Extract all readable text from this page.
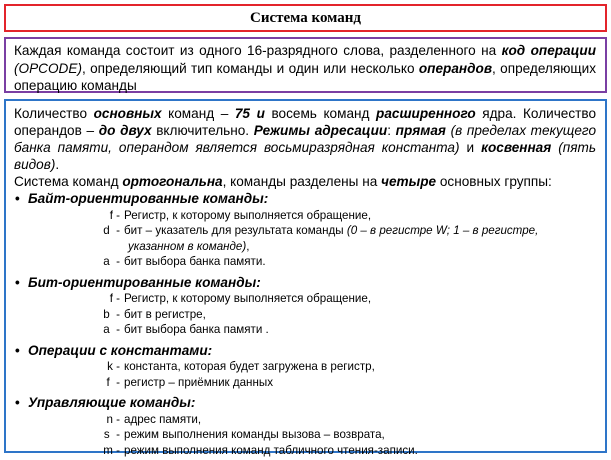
Система команд
Каждая команда состоит из одного 16-разрядного слова, разделенного на код операции (OPCODE), определяющий тип команды и один или несколько операндов, определяющих операцию команды
Количество основных команд – 75 и восемь команд расширенного ядра. Количество операндов – до двух включительно. Режимы адресации: прямая (в пределах текущего банка памяти, операндом является восьмиразрядная константа) и косвенная (пять видов).
Система команд ортогональна, команды разделены на четыре основных группы:
• Байт-ориентированные команды:
f - Регистр, к которому выполняется обращение,
d  - бит – указатель для результата команды (0 – в регистре W; 1 – в регистре,
указанном в команде),
a  - бит выбора банка памяти.
• Бит-ориентированные команды:
f - Регистр, к которому выполняется обращение,
b  - бит в регистре,
a  - бит выбора банка памяти .
• Операции с константами:
k - константа, которая будет загружена в регистр,
f  - регистр – приёмник данных
• Управляющие команды:
n - адрес памяти,
s  - режим выполнения команды вызова – возврата,
m - режим выполнения команд табличного чтения-записи.
